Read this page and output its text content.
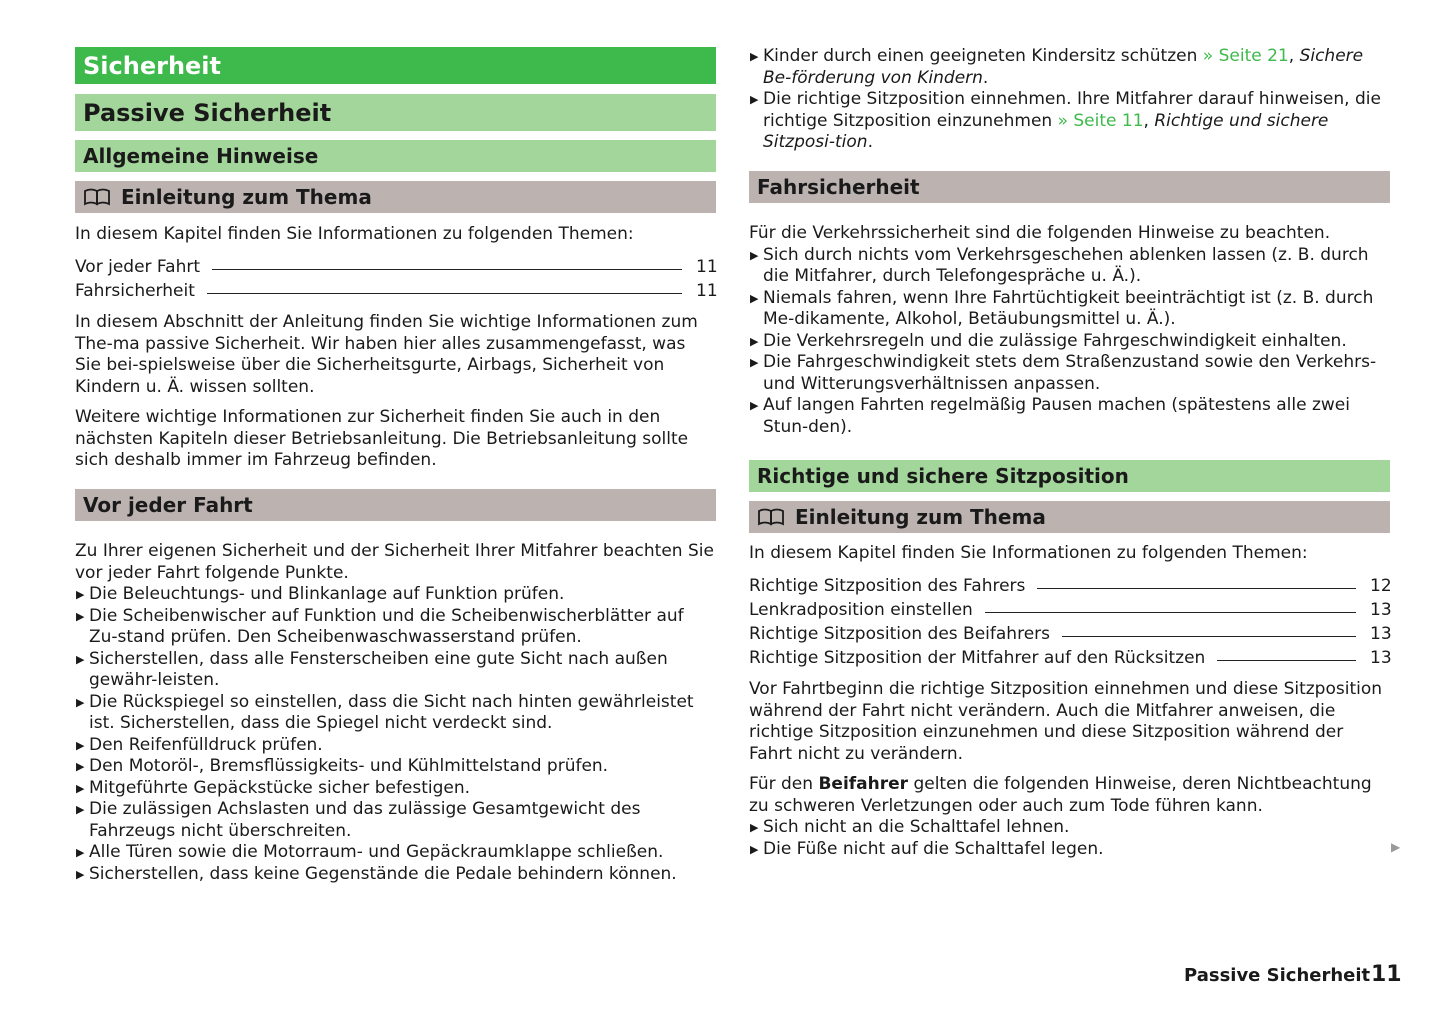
Sicherheit
Passive Sicherheit
Allgemeine Hinweise
Einleitung zum Thema
In diesem Kapitel finden Sie Informationen zu folgenden Themen:
Vor jeder Fahrt	11
Fahrsicherheit	11

In diesem Abschnitt der Anleitung finden Sie wichtige Informationen zum The-ma passive Sicherheit. Wir haben hier alles zusammengefasst, was Sie bei-spielsweise über die Sicherheitsgurte, Airbags, Sicherheit von Kindern u. Ä. wissen sollten.

Weitere wichtige Informationen zur Sicherheit finden Sie auch in den nächsten Kapiteln dieser Betriebsanleitung. Die Betriebsanleitung sollte sich deshalb immer im Fahrzeug befinden.

Vor jeder Fahrt

Zu Ihrer eigenen Sicherheit und der Sicherheit Ihrer Mitfahrer beachten Sie vor jeder Fahrt folgende Punkte.

▶ Die Beleuchtungs- und Blinkanlage auf Funktion prüfen.
▶ Die Scheibenwischer auf Funktion und die Scheibenwischerblätter auf Zu-stand prüfen. Den Scheibenwaschwasserstand prüfen.
▶ Sicherstellen, dass alle Fensterscheiben eine gute Sicht nach außen gewähr-leisten.
▶ Die Rückspiegel so einstellen, dass die Sicht nach hinten gewährleistet ist. Sicherstellen, dass die Spiegel nicht verdeckt sind.
▶ Den Reifenfülldruck prüfen.
▶ Den Motoröl-, Bremsflüssigkeits- und Kühlmittelstand prüfen.
▶ Mitgeführte Gepäckstücke sicher befestigen.
▶ Die zulässigen Achslasten und das zulässige Gesamtgewicht des Fahrzeugs nicht überschreiten.
▶ Alle Türen sowie die Motorraum- und Gepäckraumklappe schließen.
▶ Sicherstellen, dass keine Gegenstände die Pedale behindern können.
▶ Kinder durch einen geeigneten Kindersitz schützen » Seite 21, Sichere Be-förderung von Kindern.
▶ Die richtige Sitzposition einnehmen. Ihre Mitfahrer darauf hinweisen, die richtige Sitzposition einzunehmen » Seite 11, Richtige und sichere Sitzposi-tion.
Fahrsicherheit

Für die Verkehrssicherheit sind die folgenden Hinweise zu beachten.

▶ Sich durch nichts vom Verkehrsgeschehen ablenken lassen (z. B. durch die Mitfahrer, durch Telefongespräche u. Ä.).
▶ Niemals fahren, wenn Ihre Fahrtüchtigkeit beeinträchtigt ist (z. B. durch Me-dikamente, Alkohol, Betäubungsmittel u. Ä.).
▶ Die Verkehrsregeln und die zulässige Fahrgeschwindigkeit einhalten.
▶ Die Fahrgeschwindigkeit stets dem Straßenzustand sowie den Verkehrs- und Witterungsverhältnissen anpassen.
▶ Auf langen Fahrten regelmäßig Pausen machen (spätestens alle zwei Stun-den).
Richtige und sichere Sitzposition
Einleitung zum Thema
In diesem Kapitel finden Sie Informationen zu folgenden Themen:
Richtige Sitzposition des Fahrers	12
Lenkradposition einstellen	13
Richtige Sitzposition des Beifahrers	13
Richtige Sitzposition der Mitfahrer auf den Rücksitzen	13

Vor Fahrtbeginn die richtige Sitzposition einnehmen und diese Sitzposition während der Fahrt nicht verändern. Auch die Mitfahrer anweisen, die richtige Sitzposition einzunehmen und diese Sitzposition während der Fahrt nicht zu verändern.

Für den Beifahrer gelten die folgenden Hinweise, deren Nichtbeachtung zu schweren Verletzungen oder auch zum Tode führen kann.

▶ Sich nicht an die Schalttafel lehnen.
▶ Die Füße nicht auf die Schalttafel legen.	▶
Passive Sicherheit 11
